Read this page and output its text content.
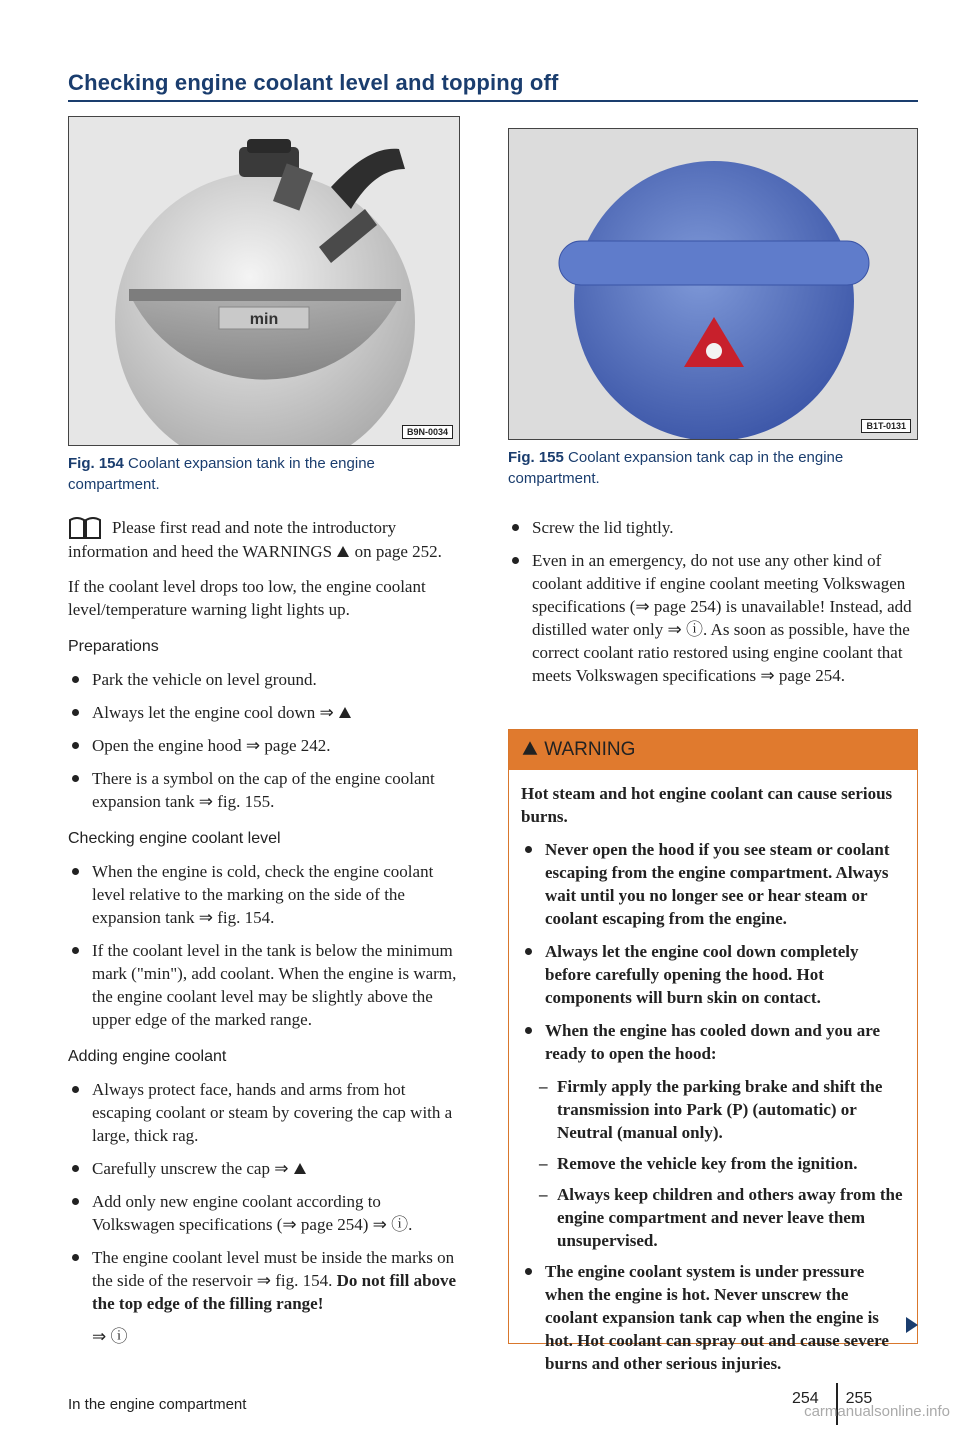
Checking engine coolant level and topping off
min
B9N-0034
Fig. 154 Coolant expansion tank in the engine compartment.
B1T-0131
Fig. 155 Coolant expansion tank cap in the engine compartment.

Please first read and note the introductory information and heed the WARNINGS on page 252.

If the coolant level drops too low, the engine coolant level/temperature warning light lights up.

Preparations
Park the vehicle on level ground.
Always let the engine cool down ⇒
Open the engine hood ⇒ page 242.
There is a symbol on the cap of the engine coolant expansion tank ⇒ fig. 155.
Checking engine coolant level
When the engine is cold, check the engine coolant level relative to the marking on the side of the expansion tank ⇒ fig. 154.
If the coolant level in the tank is below the minimum mark ("min"), add coolant. When the engine is warm, the engine coolant level may be slightly above the upper edge of the marked range.
Adding engine coolant
Always protect face, hands and arms from hot escaping coolant or steam by covering the cap with a large, thick rag.
Carefully unscrew the cap ⇒
Add only new engine coolant according to Volkswagen specifications (⇒ page 254) ⇒ ⓘ.
The engine coolant level must be inside the marks on the side of the reservoir ⇒ fig. 154. Do not fill above the top edge of the filling range!
⇒ ⓘ
Screw the lid tightly.
Even in an emergency, do not use any other kind of coolant additive if engine coolant meeting Volkswagen specifications (⇒ page 254) is unavailable! Instead, add distilled water only ⇒ ⓘ. As soon as possible, have the correct coolant ratio restored using engine coolant that meets Volkswagen specifications ⇒ page 254.
WARNING

Hot steam and hot engine coolant can cause serious burns.

Never open the hood if you see steam or coolant escaping from the engine compartment. Always wait until you no longer see or hear steam or coolant escaping from the engine.
Always let the engine cool down completely before carefully opening the hood. Hot components will burn skin on contact.
When the engine has cooled down and you are ready to open the hood:
– Firmly apply the parking brake and shift the transmission into Park (P) (automatic) or Neutral (manual only).
– Remove the vehicle key from the ignition.
– Always keep children and others away from the engine compartment and never leave them unsupervised.
The engine coolant system is under pressure when the engine is hot. Never unscrew the coolant expansion tank cap when the engine is hot. Hot coolant can spray out and cause severe burns and other serious injuries.
In the engine compartment	254 255
carmanualsonline.info
